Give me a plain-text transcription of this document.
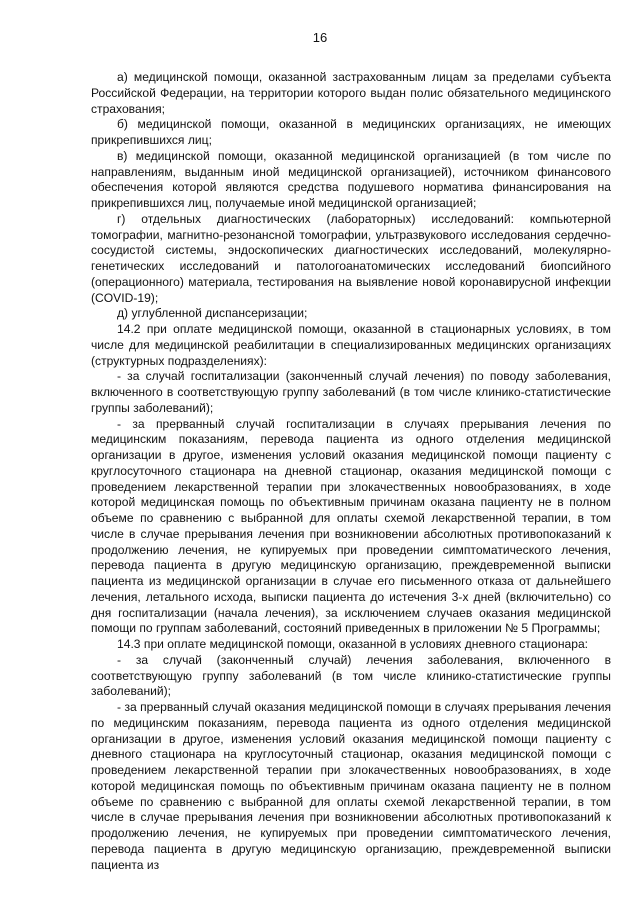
16

а) медицинской помощи, оказанной застрахованным лицам за пределами субъекта Российской Федерации, на территории которого выдан полис обязательного медицинского страхования;

б) медицинской помощи, оказанной в медицинских организациях, не имеющих прикрепившихся лиц;

в) медицинской помощи, оказанной медицинской организацией (в том числе по направлениям, выданным иной медицинской организацией), источником финансового обеспечения которой являются средства подушевого норматива финансирования на прикрепившихся лиц, получаемые иной медицинской организацией;

г) отдельных диагностических (лабораторных) исследований: компьютерной томографии, магнитно-резонансной томографии, ультразвукового исследования сердечно-сосудистой системы, эндоскопических диагностических исследований, молекулярно-генетических исследований и патологоанатомических исследований биопсийного (операционного) материала, тестирования на выявление новой коронавирусной инфекции (COVID-19);

д) углубленной диспансеризации;

14.2 при оплате медицинской помощи, оказанной в стационарных условиях, в том числе для медицинской реабилитации в специализированных медицинских организациях (структурных подразделениях):

- за случай госпитализации (законченный случай лечения) по поводу заболевания, включенного в соответствующую группу заболеваний (в том числе клинико-статистические группы заболеваний);

- за прерванный случай госпитализации в случаях прерывания лечения по медицинским показаниям, перевода пациента из одного отделения медицинской организации в другое, изменения условий оказания медицинской помощи пациенту с круглосуточного стационара на дневной стационар, оказания медицинской помощи с проведением лекарственной терапии при злокачественных новообразованиях, в ходе которой медицинская помощь по объективным причинам оказана пациенту не в полном объеме по сравнению с выбранной для оплаты схемой лекарственной терапии, в том числе в случае прерывания лечения при возникновении абсолютных противопоказаний к продолжению лечения, не купируемых при проведении симптоматического лечения, перевода пациента в другую медицинскую организацию, преждевременной выписки пациента из медицинской организации в случае его письменного отказа от дальнейшего лечения, летального исхода, выписки пациента до истечения 3-х дней (включительно) со дня госпитализации (начала лечения), за исключением случаев оказания медицинской помощи по группам заболеваний, состояний приведенных в приложении № 5 Программы;

14.3 при оплате медицинской помощи, оказанной в условиях дневного стационара:

- за случай (законченный случай) лечения заболевания, включенного в соответствующую группу заболеваний (в том числе клинико-статистические группы заболеваний);

- за прерванный случай оказания медицинской помощи в случаях прерывания лечения по медицинским показаниям, перевода пациента из одного отделения медицинской организации в другое, изменения условий оказания медицинской помощи пациенту с дневного стационара на круглосуточный стационар, оказания медицинской помощи с проведением лекарственной терапии при злокачественных новообразованиях, в ходе которой медицинская помощь по объективным причинам оказана пациенту не в полном объеме по сравнению с выбранной для оплаты схемой лекарственной терапии, в том числе в случае прерывания лечения при возникновении абсолютных противопоказаний к продолжению лечения, не купируемых при проведении симптоматического лечения, перевода пациента в другую медицинскую организацию, преждевременной выписки пациента из
